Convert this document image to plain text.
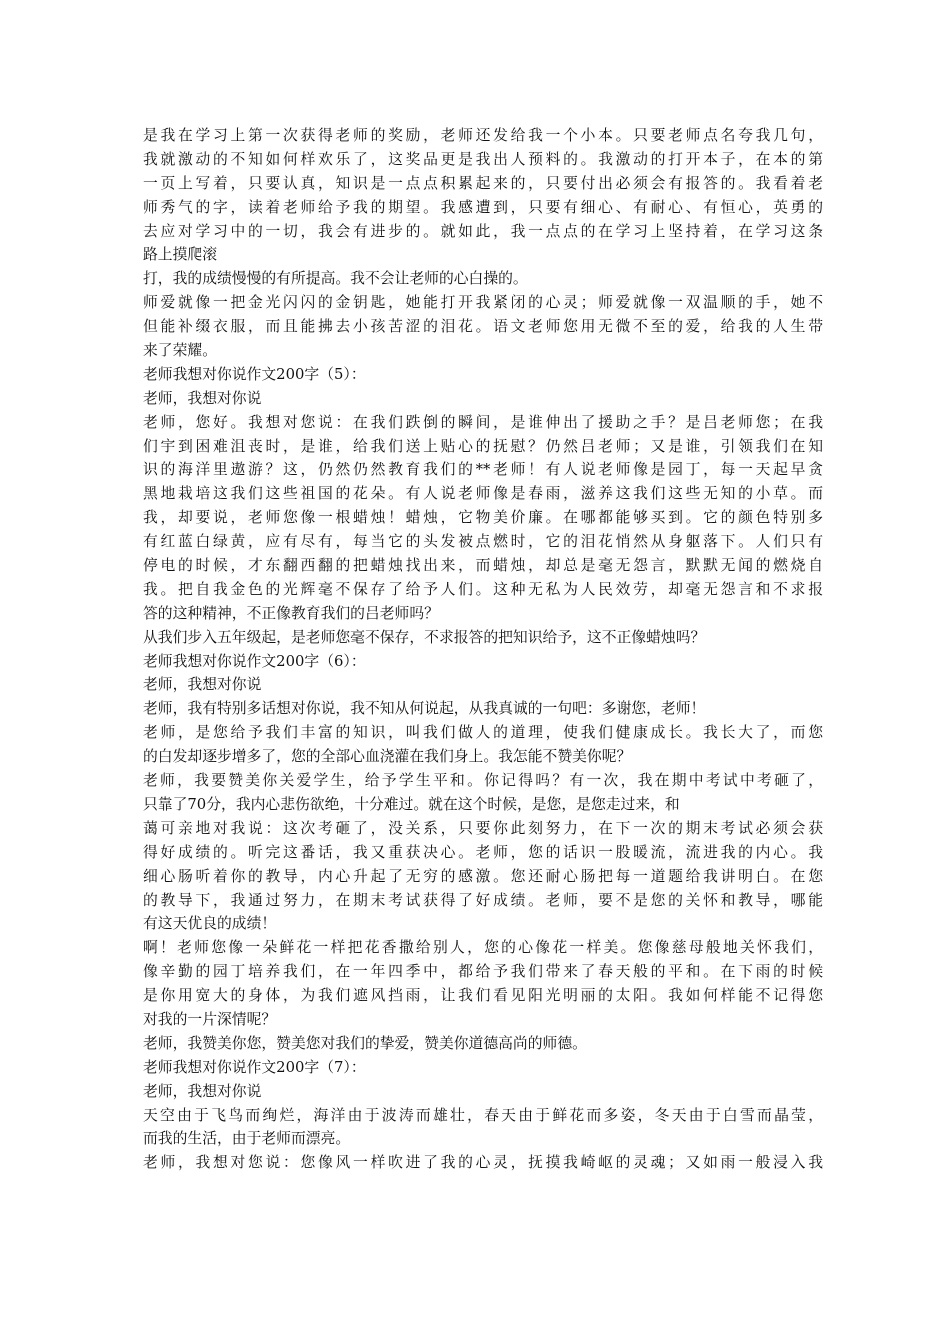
是我在学习上第一次获得老师的奖励，老师还发给我一个小本。只要老师点名夸我几句，
我就激动的不知如何样欢乐了，这奖品更是我出人预料的。我激动的打开本子，在本的第
一页上写着，只要认真，知识是一点点积累起来的，只要付出必须会有报答的。我看着老
师秀气的字，读着老师给予我的期望。我感遭到，只要有细心、有耐心、有恒心，英勇的
去应对学习中的一切，我会有进步的。就如此，我一点点的在学习上坚持着，在学习这条
路上摸爬滚
打，我的成绩慢慢的有所提高。我不会让老师的心白操的。
师爱就像一把金光闪闪的金钥匙，她能打开我紧闭的心灵；师爱就像一双温顺的手，她不
但能补缀衣服，而且能拂去小孩苦涩的泪花。语文老师您用无微不至的爱，给我的人生带
来了荣耀。
老师我想对你说作文200字（5）：
老师，我想对你说
老师，您好。我想对您说：在我们跌倒的瞬间，是谁伸出了援助之手？是吕老师您；在我
们宇到困难沮丧时，是谁，给我们送上贴心的抚慰？仍然吕老师；又是谁，引领我们在知
识的海洋里遨游？这，仍然仍然教育我们的**老师！有人说老师像是园丁，每一天起早贪
黑地栽培这我们这些祖国的花朵。有人说老师像是春雨，滋养这我们这些无知的小草。而
我，却要说，老师您像一根蜡烛！蜡烛，它物美价廉。在哪都能够买到。它的颜色特别多
有红蓝白绿黄，应有尽有，每当它的头发被点燃时，它的泪花悄然从身躯落下。人们只有
停电的时候，才东翻西翻的把蜡烛找出来，而蜡烛，却总是毫无怨言，默默无闻的燃烧自
我。把自我金色的光辉毫不保存了给予人们。这种无私为人民效劳，却毫无怨言和不求报
答的这种精神，不正像教育我们的吕老师吗？
从我们步入五年级起，是老师您毫不保存，不求报答的把知识给予，这不正像蜡烛吗？
老师我想对你说作文200字（6）：
老师，我想对你说
老师，我有特别多话想对你说，我不知从何说起，从我真诚的一句吧：多谢您，老师！
老师，是您给予我们丰富的知识，叫我们做人的道理，使我们健康成长。我长大了，而您
的白发却逐步增多了，您的全部心血浇灌在我们身上。我怎能不赞美你呢？
老师，我要赞美你关爱学生，给予学生平和。你记得吗？有一次，我在期中考试中考砸了，
只靠了70分，我内心悲伤欲绝，十分难过。就在这个时候，是您，是您走过来，和
蔼可亲地对我说：这次考砸了，没关系，只要你此刻努力，在下一次的期末考试必须会获
得好成绩的。听完这番话，我又重获决心。老师，您的话识一股暖流，流进我的内心。我
细心肠听着你的教导，内心升起了无穷的感激。您还耐心肠把每一道题给我讲明白。在您
的教导下，我通过努力，在期末考试获得了好成绩。老师，要不是您的关怀和教导，哪能
有这天优良的成绩！
啊！老师您像一朵鲜花一样把花香撒给别人，您的心像花一样美。您像慈母般地关怀我们，
像辛勤的园丁培养我们，在一年四季中，都给予我们带来了春天般的平和。在下雨的时候
是你用宽大的身体，为我们遮风挡雨，让我们看见阳光明丽的太阳。我如何样能不记得您
对我的一片深情呢？
老师，我赞美你您，赞美您对我们的挚爱，赞美你道德高尚的师德。
老师我想对你说作文200字（7）：
老师，我想对你说
天空由于飞鸟而绚烂，海洋由于波涛而雄壮，春天由于鲜花而多姿，冬天由于白雪而晶莹，
而我的生活，由于老师而漂亮。
老师，我想对您说：您像风一样吹进了我的心灵，抚摸我崎岖的灵魂；又如雨一般浸入我
